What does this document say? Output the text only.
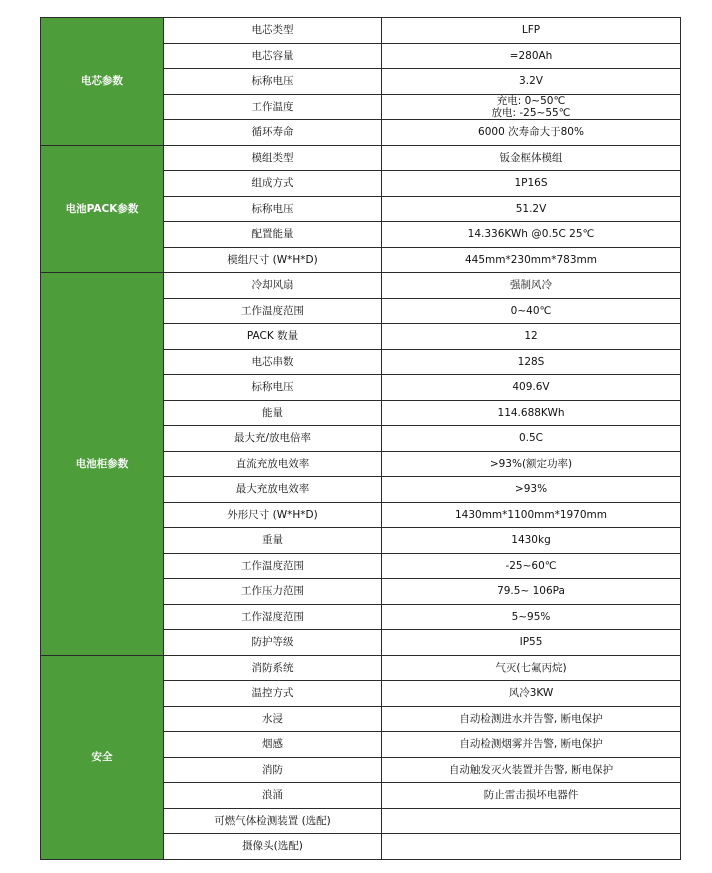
电芯参数	电芯类型	LFP
	电芯容量	=280Ah
	标称电压	3.2V
	工作温度	充电: 0~50℃
放电: -25~55℃

	循环寿命	6000 次寿命大于80%
电池PACK参数	模组类型	钣金框体模组
	组成方式	1P16S
	标称电压	51.2V
	配置能量	14.336KWh @0.5C 25℃
	模组尺寸 (W*H*D)	445mm*230mm*783mm
电池柜参数	冷却风扇	强制风冷
	工作温度范围	0~40℃
	PACK 数量	12
	电芯串数	128S
	标称电压	409.6V
	能量	114.688KWh
	最大充/放电倍率	0.5C
	直流充放电效率	>93%(额定功率)
	最大充放电效率	>93%
	外形尺寸 (W*H*D)	1430mm*1100mm*1970mm
	重量	1430kg
	工作温度范围	-25~60℃
	工作压力范围	79.5~ 106Pa
	工作湿度范围	5~95%
	防护等级	IP55
安全	消防系统	气灭(七氟丙烷)
	温控方式	风冷3KW
	水浸	自动检测进水并告警, 断电保护
	烟感	自动检测烟雾并告警, 断电保护
	消防	自动触发灭火装置并告警, 断电保护
	浪涌	防止雷击损坏电器件
	可燃气体检测装置 (选配)	
	摄像头(选配)	
